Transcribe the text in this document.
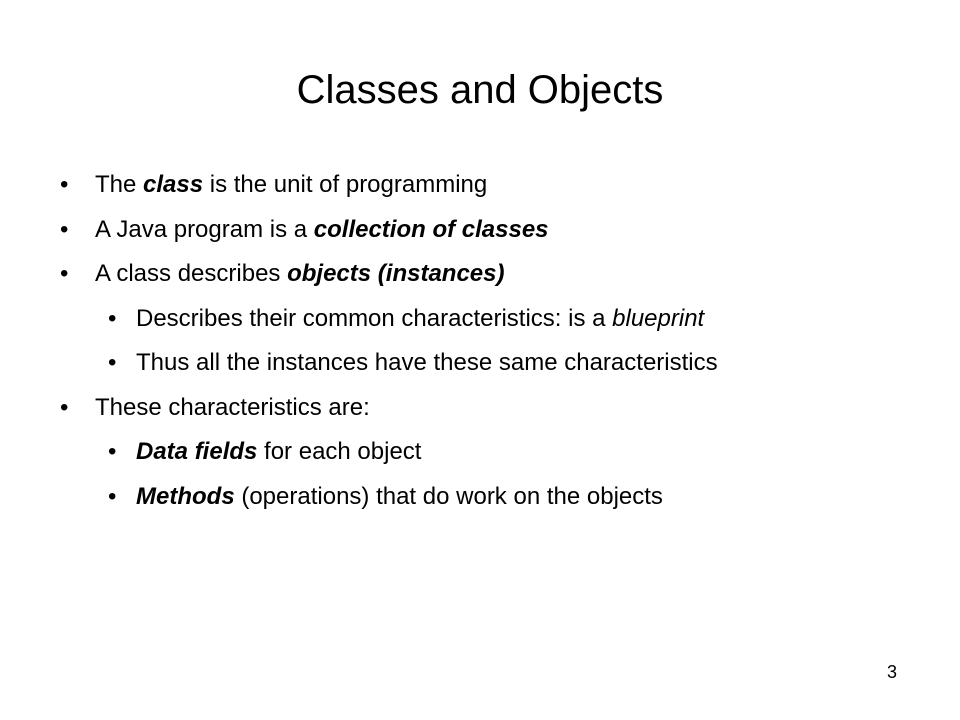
Classes and Objects
•	The class is the unit of programming
•	A Java program is a collection of classes
•	A class describes objects (instances)
• Describes their common characteristics: is a blueprint
• Thus all the instances have these same characteristics
•	These characteristics are:
• Data fields for each object
• Methods (operations) that do work on the objects
3
